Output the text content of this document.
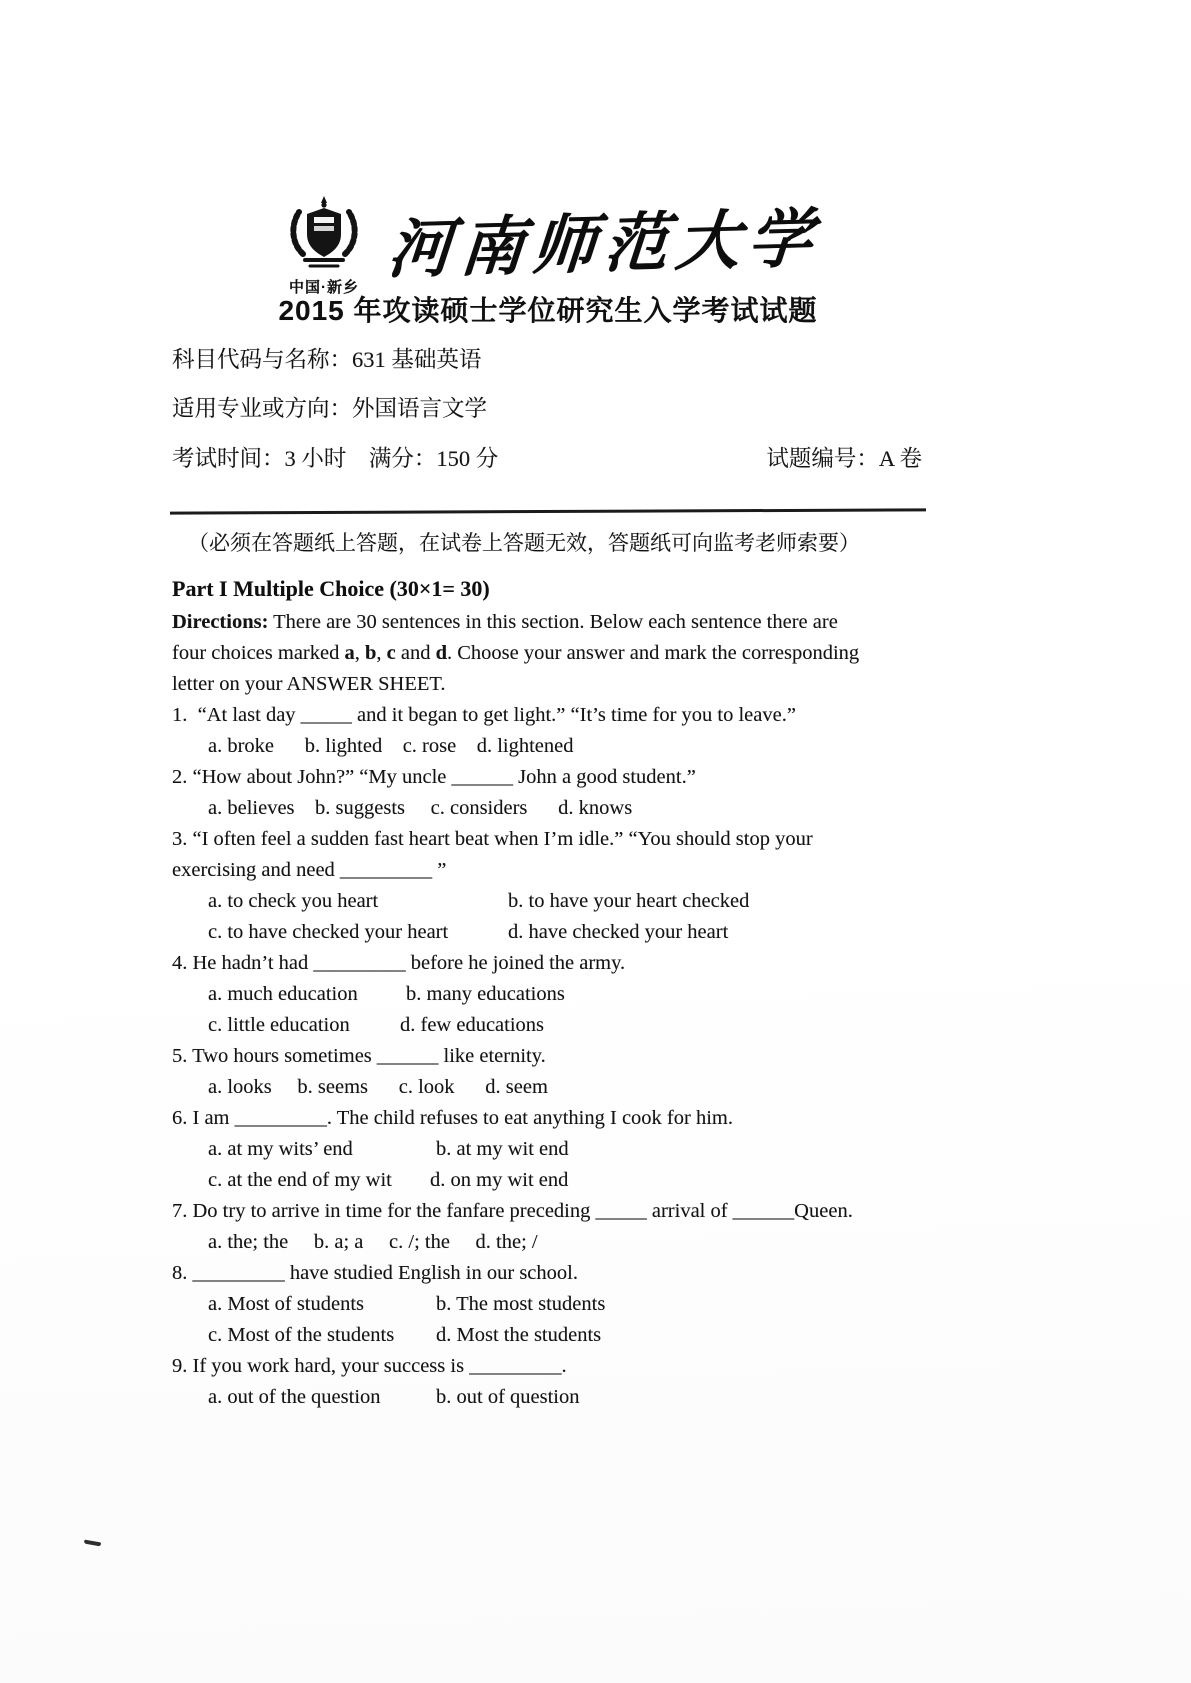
中国·新乡
河南师范大学
2015 年攻读硕士学位研究生入学考试试题
科目代码与名称：631 基础英语
适用专业或方向：外国语言文学
考试时间：3 小时　满分：150 分	试题编号：A 卷
（必须在答题纸上答题，在试卷上答题无效，答题纸可向监考老师索要）
Part I Multiple Choice (30×1= 30)
Directions: There are 30 sentences in this section. Below each sentence there are
four choices marked a, b, c and d. Choose your answer and mark the corresponding
letter on your ANSWER SHEET.
1.  “At last day _____ and it began to get light.” “It’s time for you to leave.”
a. broke      b. lighted    c. rose    d. lightened
2. “How about John?” “My uncle ______ John a good student.”
a. believes    b. suggests     c. considers      d. knows
3. “I often feel a sudden fast heart beat when I’m idle.” “You should stop your
exercising and need _________ ”
a. to check you heart	b. to have your heart checked
c. to have checked your heart	d. have checked your heart
4. He hadn’t had _________ before he joined the army.
a. much education b. many educations
c. little education d. few educations
5. Two hours sometimes ______ like eternity.
a. looks     b. seems      c. look      d. seem
6. I am _________. The child refuses to eat anything I cook for him.
a. at my wits’ end	b. at my wit end
c. at the end of my wit d. on my wit end
7. Do try to arrive in time for the fanfare preceding _____ arrival of ______Queen.
a. the; the     b. a; a     c. /; the     d. the; /
8. _________ have studied English in our school.
a. Most of students	b. The most students
c. Most of the students d. Most the students
9. If you work hard, your success is _________.
a. out of the question	b. out of question
